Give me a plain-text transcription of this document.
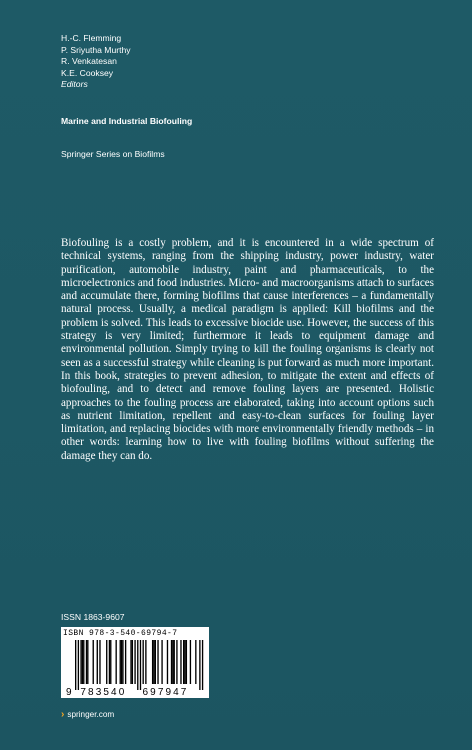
H.-C. Flemming
P. Sriyutha Murthy
R. Venkatesan
K.E. Cooksey
Editors
Marine and Industrial Biofouling
Springer Series on Biofilms
Biofouling is a costly problem, and it is encountered in a wide spectrum of technical systems, ranging from the shipping industry, power industry, water purification, automobile industry, paint and pharmaceuticals, to the microelectronics and food industries. Micro- and macroorganisms attach to surfaces and accumulate there, forming biofilms that cause interferences – a fundamentally natural process. Usually, a medical paradigm is applied: Kill biofilms and the problem is solved. This leads to excessive biocide use. However, the success of this strategy is very limited; furthermore it leads to equipment damage and environmental pollution. Simply trying to kill the fouling organisms is clearly not seen as a successful strategy while cleaning is put forward as much more important. In this book, strategies to prevent adhesion, to mitigate the extent and effects of biofouling, and to detect and remove fouling layers are presented. Holistic approaches to the fouling process are elaborated, taking into account options such as nutrient limitation, repellent and easy-to-clean surfaces for fouling layer limitation, and replacing biocides with more environmentally friendly methods – in other words: learning how to live with fouling biofilms without suffering the damage they can do.
ISSN 1863-9607
ISBN 978-3-540-69794-7
9 783540 697947
› springer.com
